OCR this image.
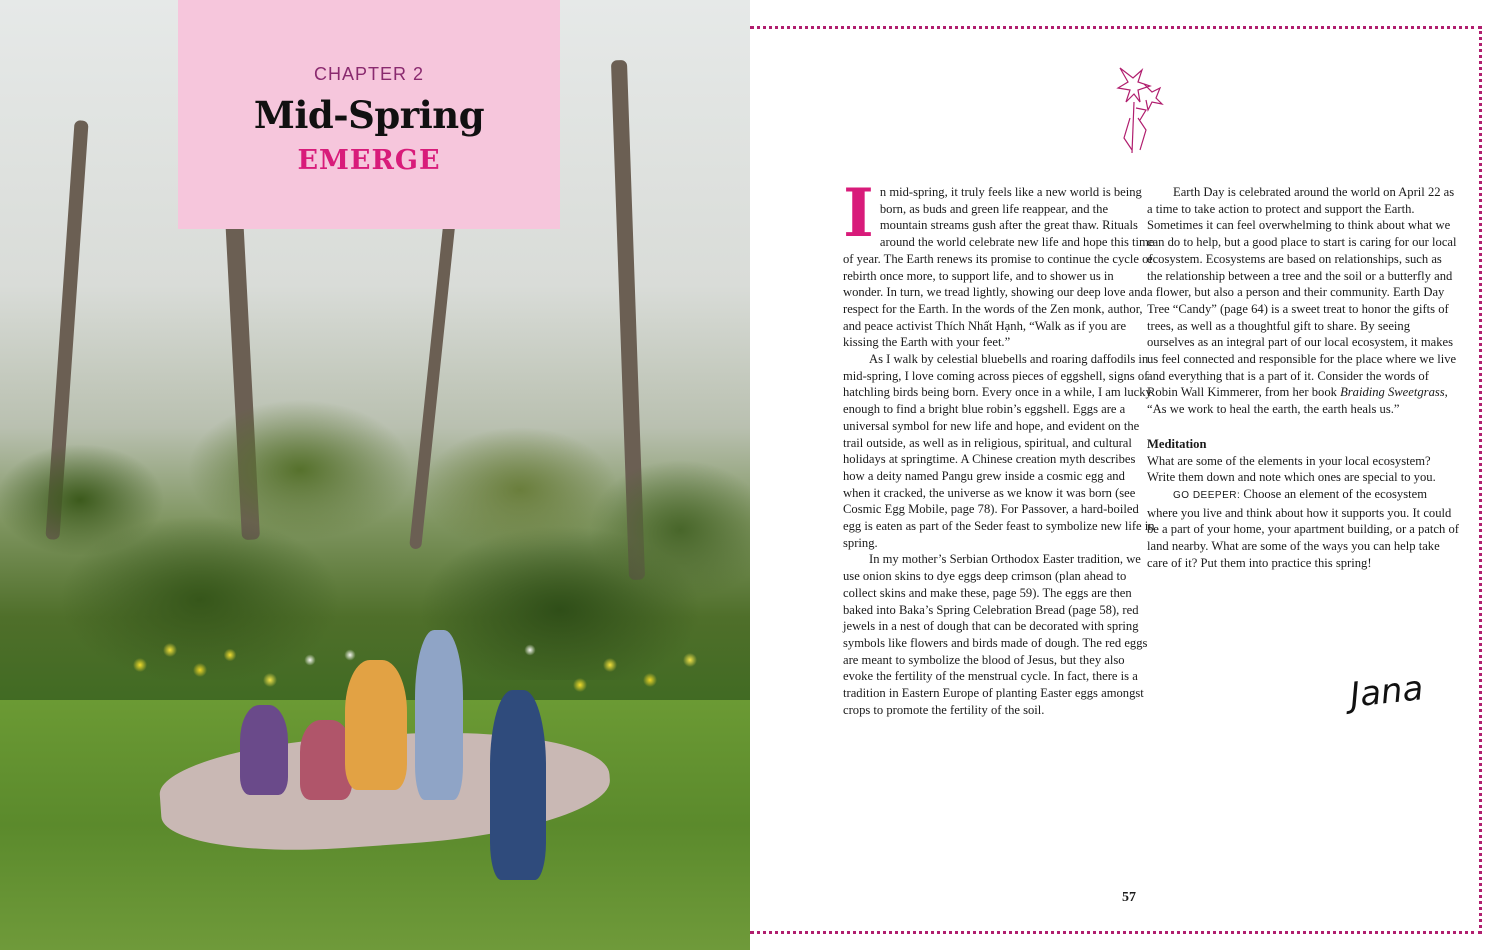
CHAPTER 2
Mid-Spring
EMERGE
I n mid-spring, it truly feels like a new world is being born, as buds and green life reappear, and the mountain streams gush after the great thaw. Rituals around the world celebrate new life and hope this time of year. The Earth renews its promise to continue the cycle of rebirth once more, to support life, and to shower us in wonder. In turn, we tread lightly, showing our deep love and respect for the Earth. In the words of the Zen monk, author, and peace activist Thích Nhất Hạnh, “Walk as if you are kissing the Earth with your feet.”

As I walk by celestial bluebells and roaring daffodils in mid-spring, I love coming across pieces of eggshell, signs of hatchling birds being born. Every once in a while, I am lucky enough to find a bright blue robin’s eggshell. Eggs are a universal symbol for new life and hope, and evident on the trail outside, as well as in religious, spiritual, and cultural holidays at springtime. A Chinese creation myth describes how a deity named Pangu grew inside a cosmic egg and when it cracked, the universe as we know it was born (see Cosmic Egg Mobile, page 78). For Passover, a hard-boiled egg is eaten as part of the Seder feast to symbolize new life in spring.

In my mother’s Serbian Orthodox Easter tradition, we use onion skins to dye eggs deep crimson (plan ahead to collect skins and make these, page 59). The eggs are then baked into Baka’s Spring Celebration Bread (page 58), red jewels in a nest of dough that can be decorated with spring symbols like flowers and birds made of dough. The red eggs are meant to symbolize the blood of Jesus, but they also evoke the fertility of the menstrual cycle. In fact, there is a tradition in Eastern Europe of planting Easter eggs amongst crops to promote the fertility of the soil.

Earth Day is celebrated around the world on April 22 as a time to take action to protect and support the Earth. Sometimes it can feel overwhelming to think about what we can do to help, but a good place to start is caring for our local ecosystem. Ecosystems are based on relationships, such as the relationship between a tree and the soil or a butterfly and a flower, but also a person and their community. Earth Day Tree “Candy” (page 64) is a sweet treat to honor the gifts of trees, as well as a thoughtful gift to share. By seeing ourselves as an integral part of our local ecosystem, it makes us feel connected and responsible for the place where we live and everything that is a part of it. Consider the words of Robin Wall Kimmerer, from her book Braiding Sweetgrass, “As we work to heal the earth, the earth heals us.”

Meditation

What are some of the elements in your local ecosystem? Write them down and note which ones are special to you.

GO DEEPER: Choose an element of the ecosystem where you live and think about how it supports you. It could be a part of your home, your apartment building, or a patch of land nearby. What are some of the ways you can help take care of it? Put them into practice this spring!

Jana
57
